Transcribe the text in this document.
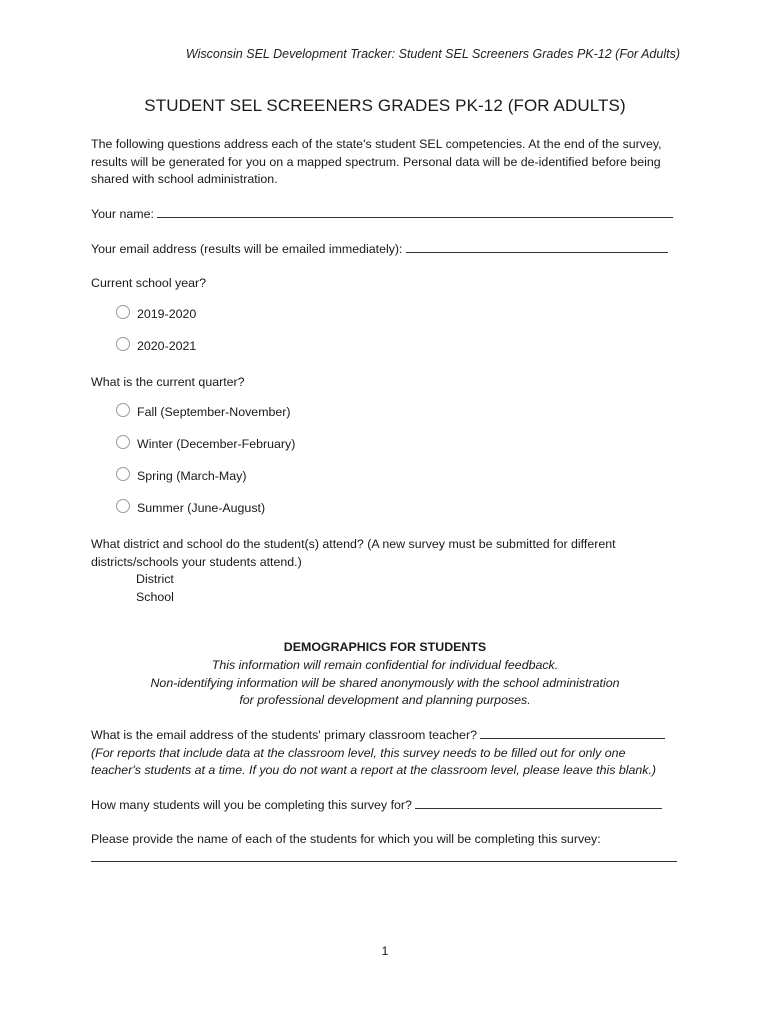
Wisconsin SEL Development Tracker: Student SEL Screeners Grades PK-12 (For Adults)
STUDENT SEL SCREENERS GRADES PK-12 (FOR ADULTS)
The following questions address each of the state's student SEL competencies. At the end of the survey,
results will be generated for you on a mapped spectrum. Personal data will be de-identified before being
shared with school administration.
Your name:
Your email address (results will be emailed immediately):
Current school year?
2019-2020
2020-2021
What is the current quarter?
Fall (September-November)
Winter (December-February)
Spring (March-May)
Summer (June-August)
What district and school do the student(s) attend? (A new survey must be submitted for different
districts/schools your students attend.)
District
School
DEMOGRAPHICS FOR STUDENTS
This information will remain confidential for individual feedback.
Non-identifying information will be shared anonymously with the school administration
for professional development and planning purposes.
What is the email address of the students' primary classroom teacher?
(For reports that include data at the classroom level, this survey needs to be filled out for only one
teacher's students at a time. If you do not want a report at the classroom level, please leave this blank.)
How many students will you be completing this survey for?
Please provide the name of each of the students for which you will be completing this survey:
1
